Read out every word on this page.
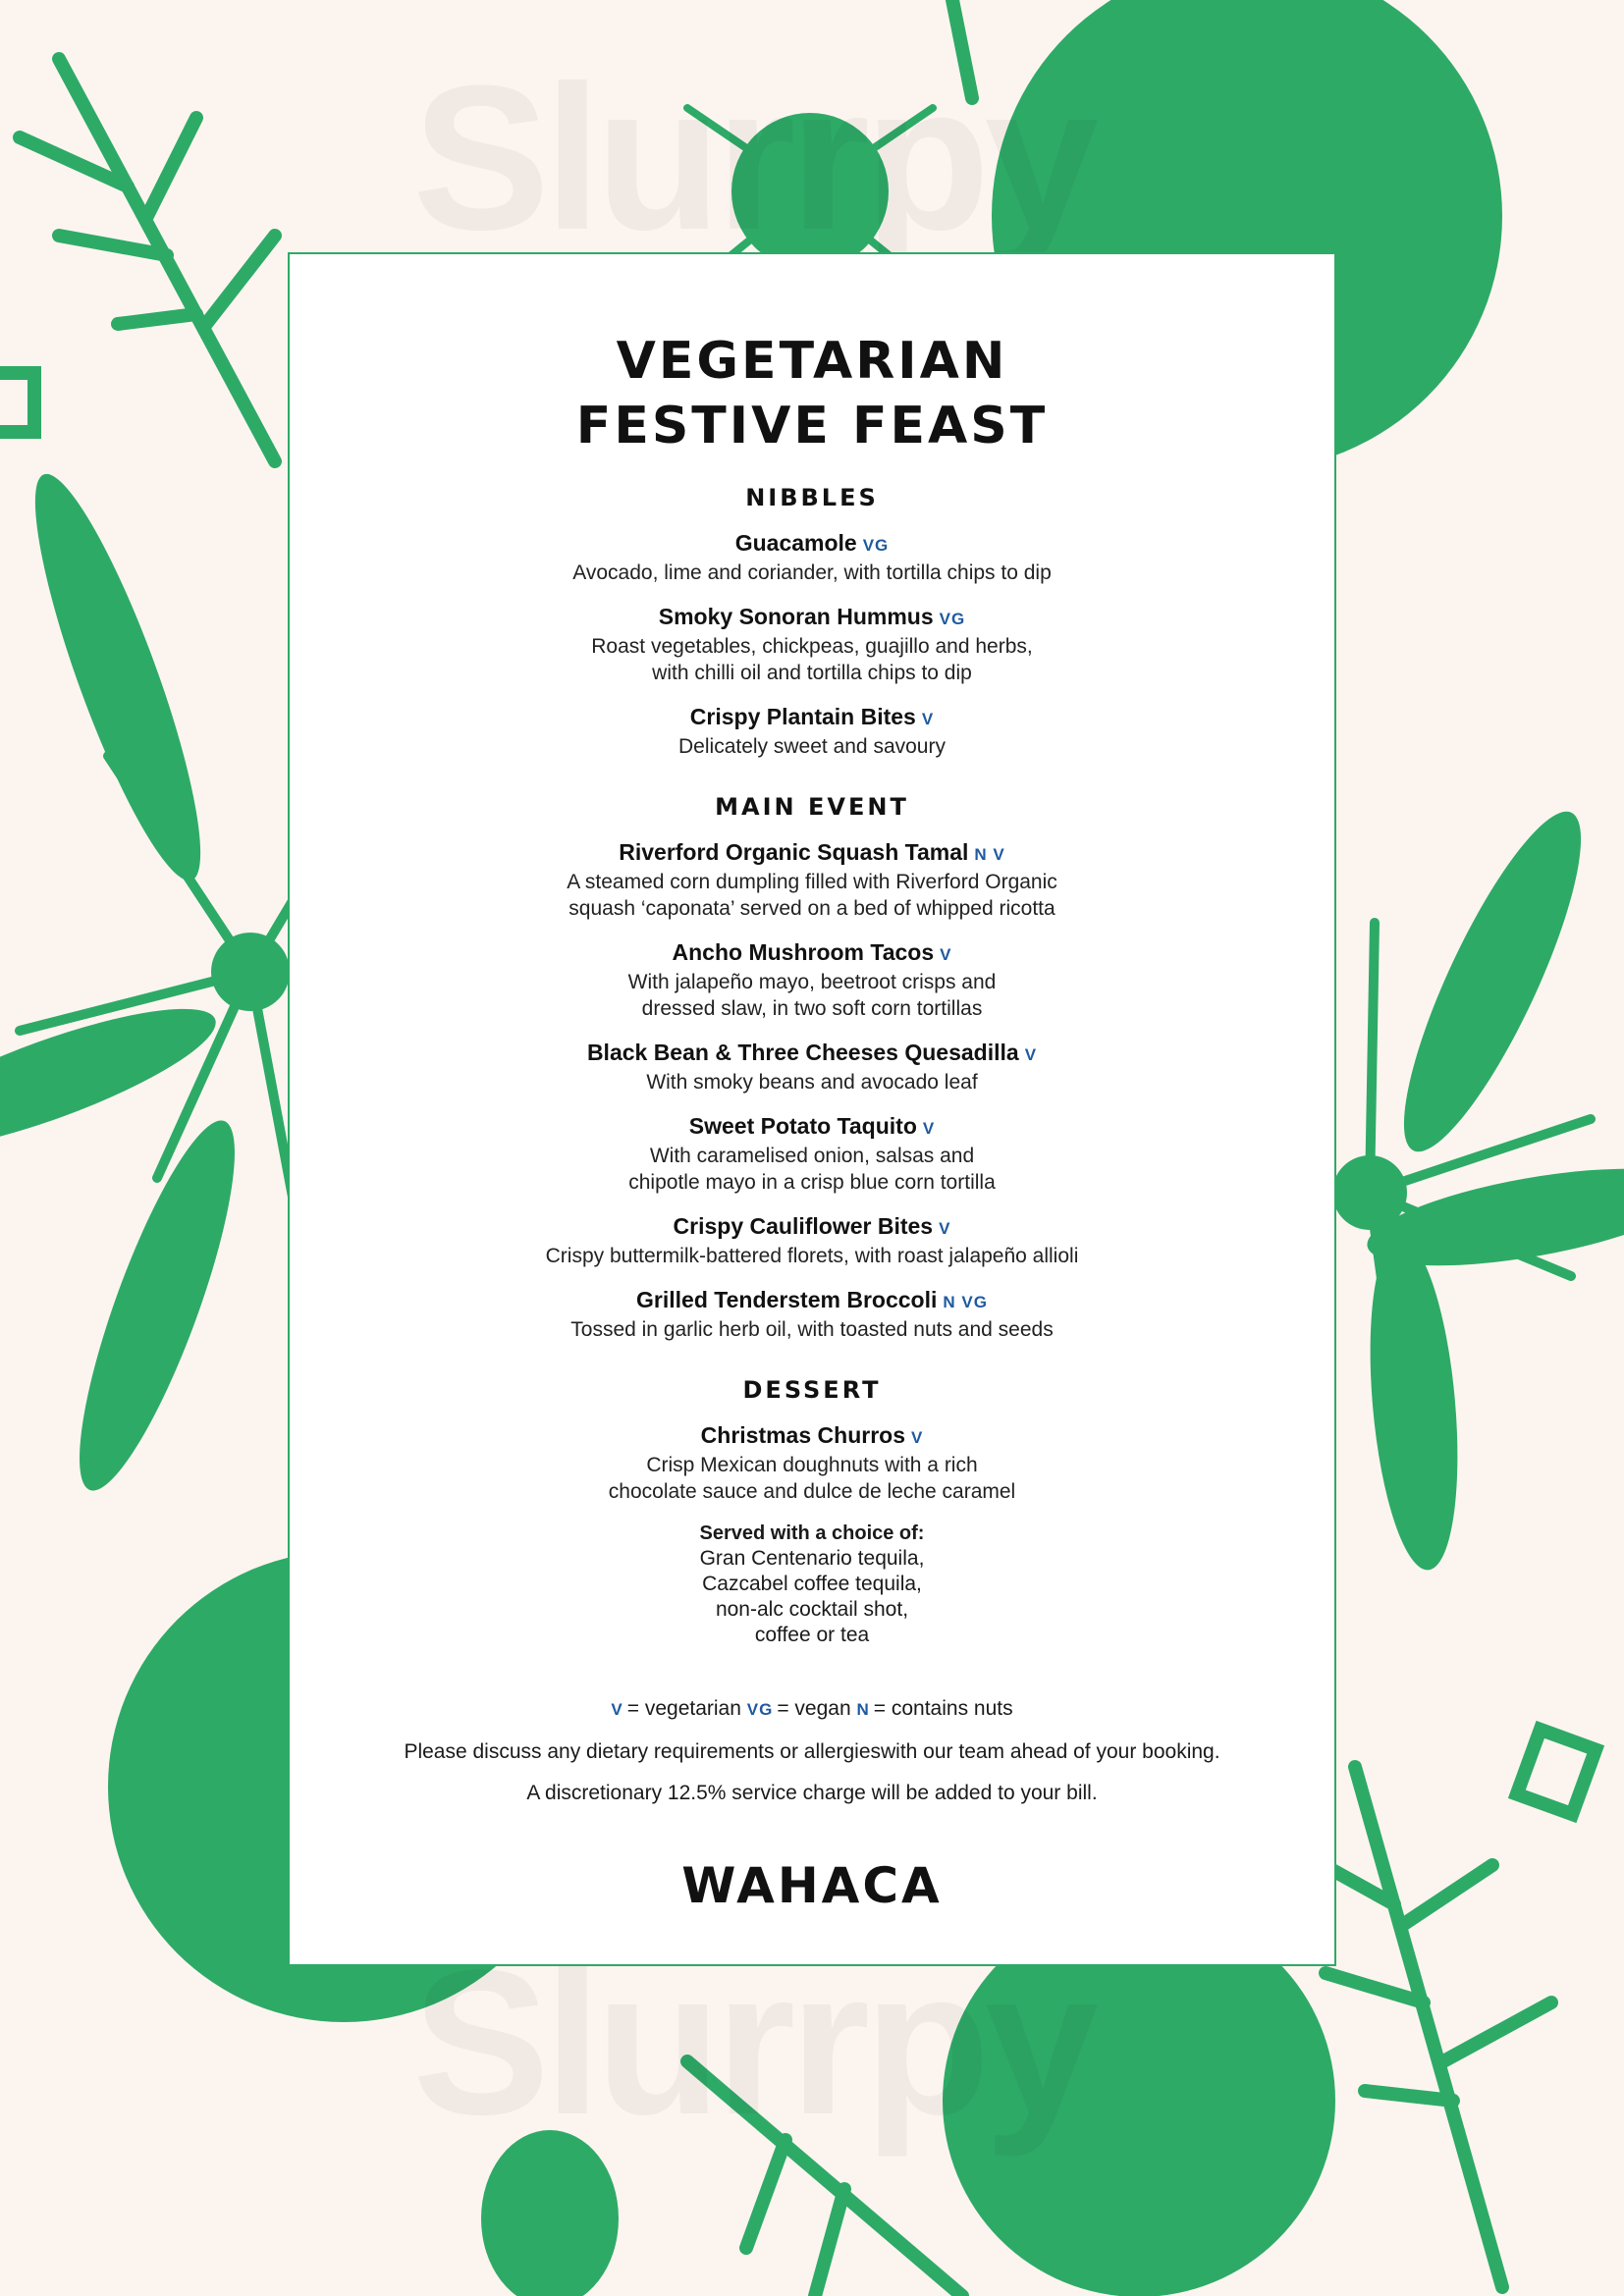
VEGETARIAN
FESTIVE FEAST
NIBBLES
Guacamole VG
Avocado, lime and coriander, with tortilla chips to dip
Smoky Sonoran Hummus VG
Roast vegetables, chickpeas, guajillo and herbs,
with chilli oil and tortilla chips to dip
Crispy Plantain Bites V
Delicately sweet and savoury
MAIN EVENT
Riverford Organic Squash Tamal N V
A steamed corn dumpling filled with Riverford Organic
squash ‘caponata’ served on a bed of whipped ricotta
Ancho Mushroom Tacos V
With jalapeño mayo, beetroot crisps and
dressed slaw, in two soft corn tortillas
Black Bean & Three Cheeses Quesadilla V
With smoky beans and avocado leaf
Sweet Potato Taquito V
With caramelised onion, salsas and
chipotle mayo in a crisp blue corn tortilla
Crispy Cauliflower Bites V
Crispy buttermilk-battered florets, with roast jalapeño allioli
Grilled Tenderstem Broccoli N VG
Tossed in garlic herb oil, with toasted nuts and seeds
DESSERT
Christmas Churros V
Crisp Mexican doughnuts with a rich
chocolate sauce and dulce de leche caramel
Served with a choice of:
Gran Centenario tequila,
Cazcabel coffee tequila,
non-alc cocktail shot,
coffee or tea
V = vegetarian VG = vegan N = contains nuts
Please discuss any dietary requirements or allergieswith our team ahead of your booking.
A discretionary 12.5% service charge will be added to your bill.
WAHACA
